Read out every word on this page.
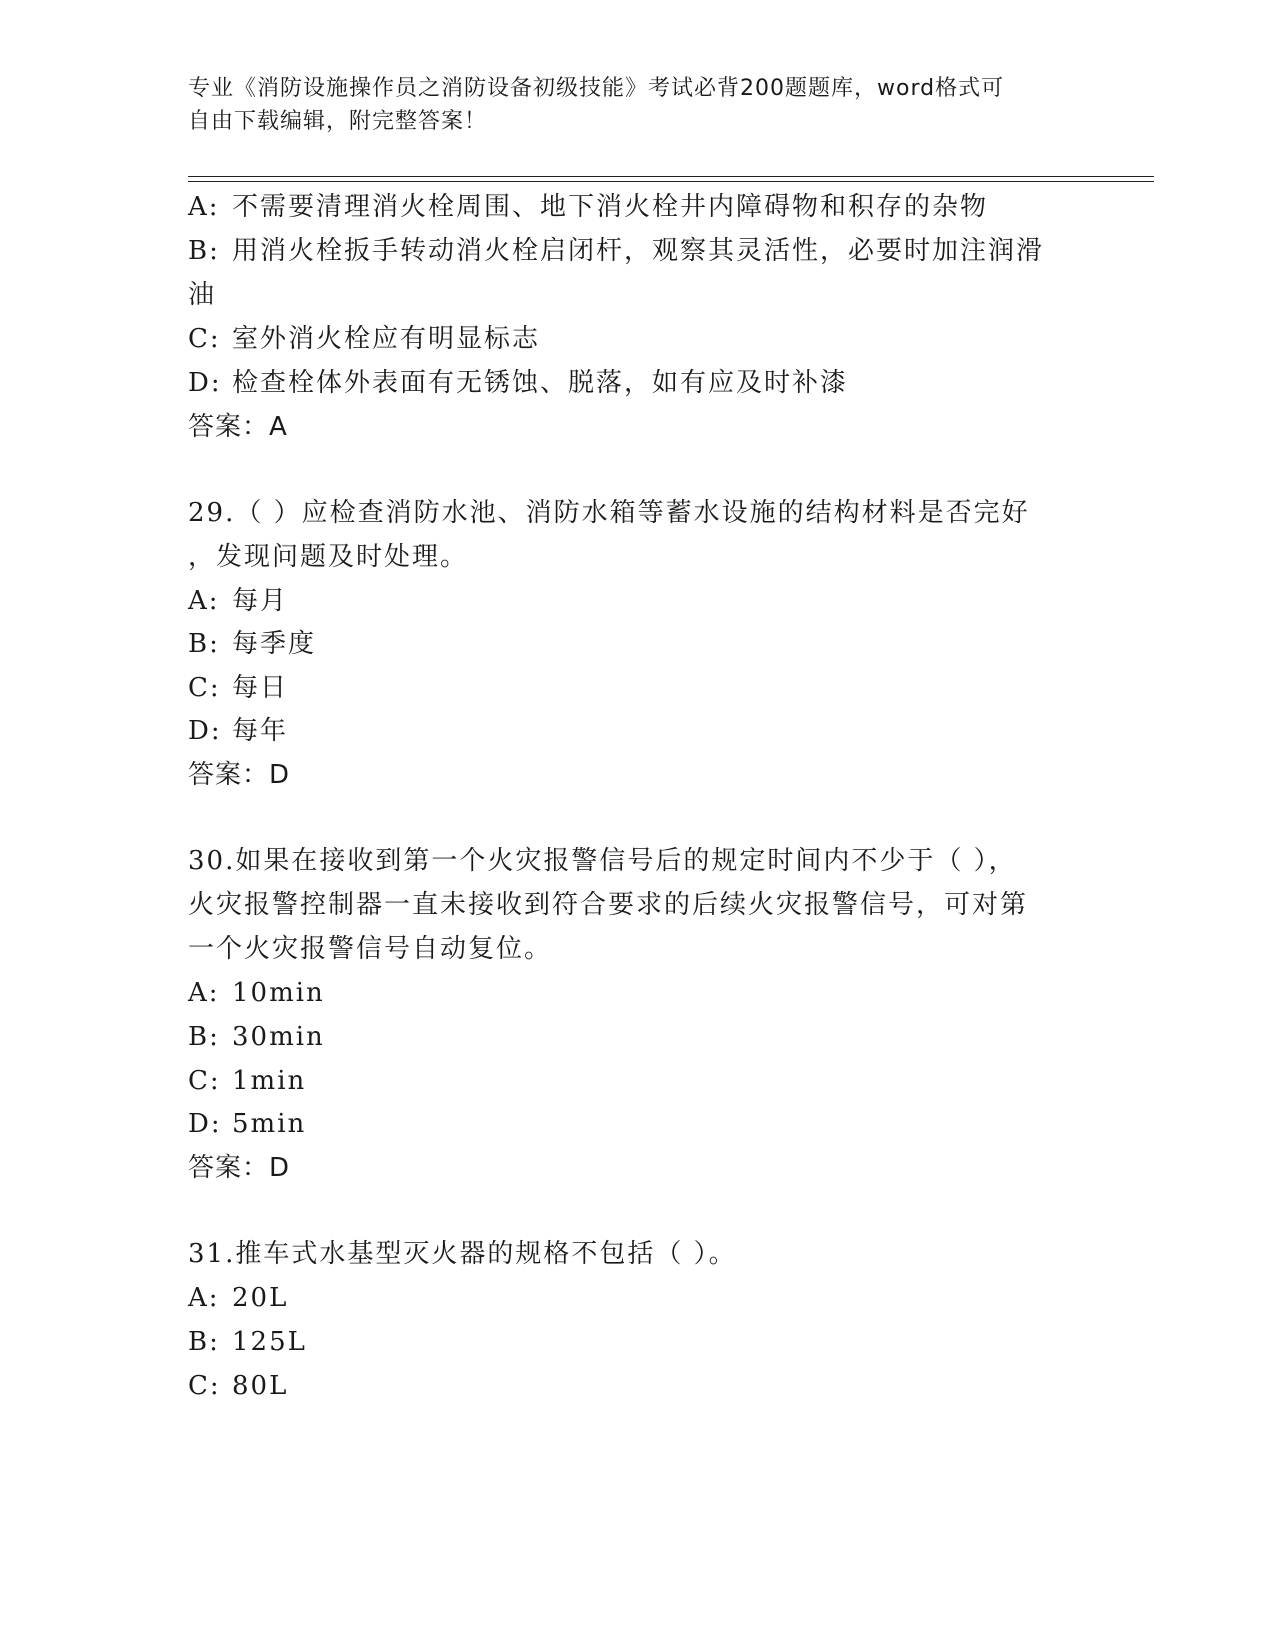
专业《消防设施操作员之消防设备初级技能》考试必背200题题库，word格式可
自由下载编辑，附完整答案！
A: 不需要清理消火栓周围、地下消火栓井内障碍物和积存的杂物
B: 用消火栓扳手转动消火栓启闭杆，观察其灵活性，必要时加注润滑
油
C: 室外消火栓应有明显标志
D: 检查栓体外表面有无锈蚀、脱落，如有应及时补漆
答案：A
29.（ ）应检查消防水池、消防水箱等蓄水设施的结构材料是否完好
，发现问题及时处理。
A: 每月
B: 每季度
C: 每日
D: 每年
答案：D
30.如果在接收到第一个火灾报警信号后的规定时间内不少于（ ），
火灾报警控制器一直未接收到符合要求的后续火灾报警信号，可对第
一个火灾报警信号自动复位。
A: 10min
B: 30min
C: 1min
D: 5min
答案：D
31.推车式水基型灭火器的规格不包括（ ）。
A: 20L
B: 125L
C: 80L
